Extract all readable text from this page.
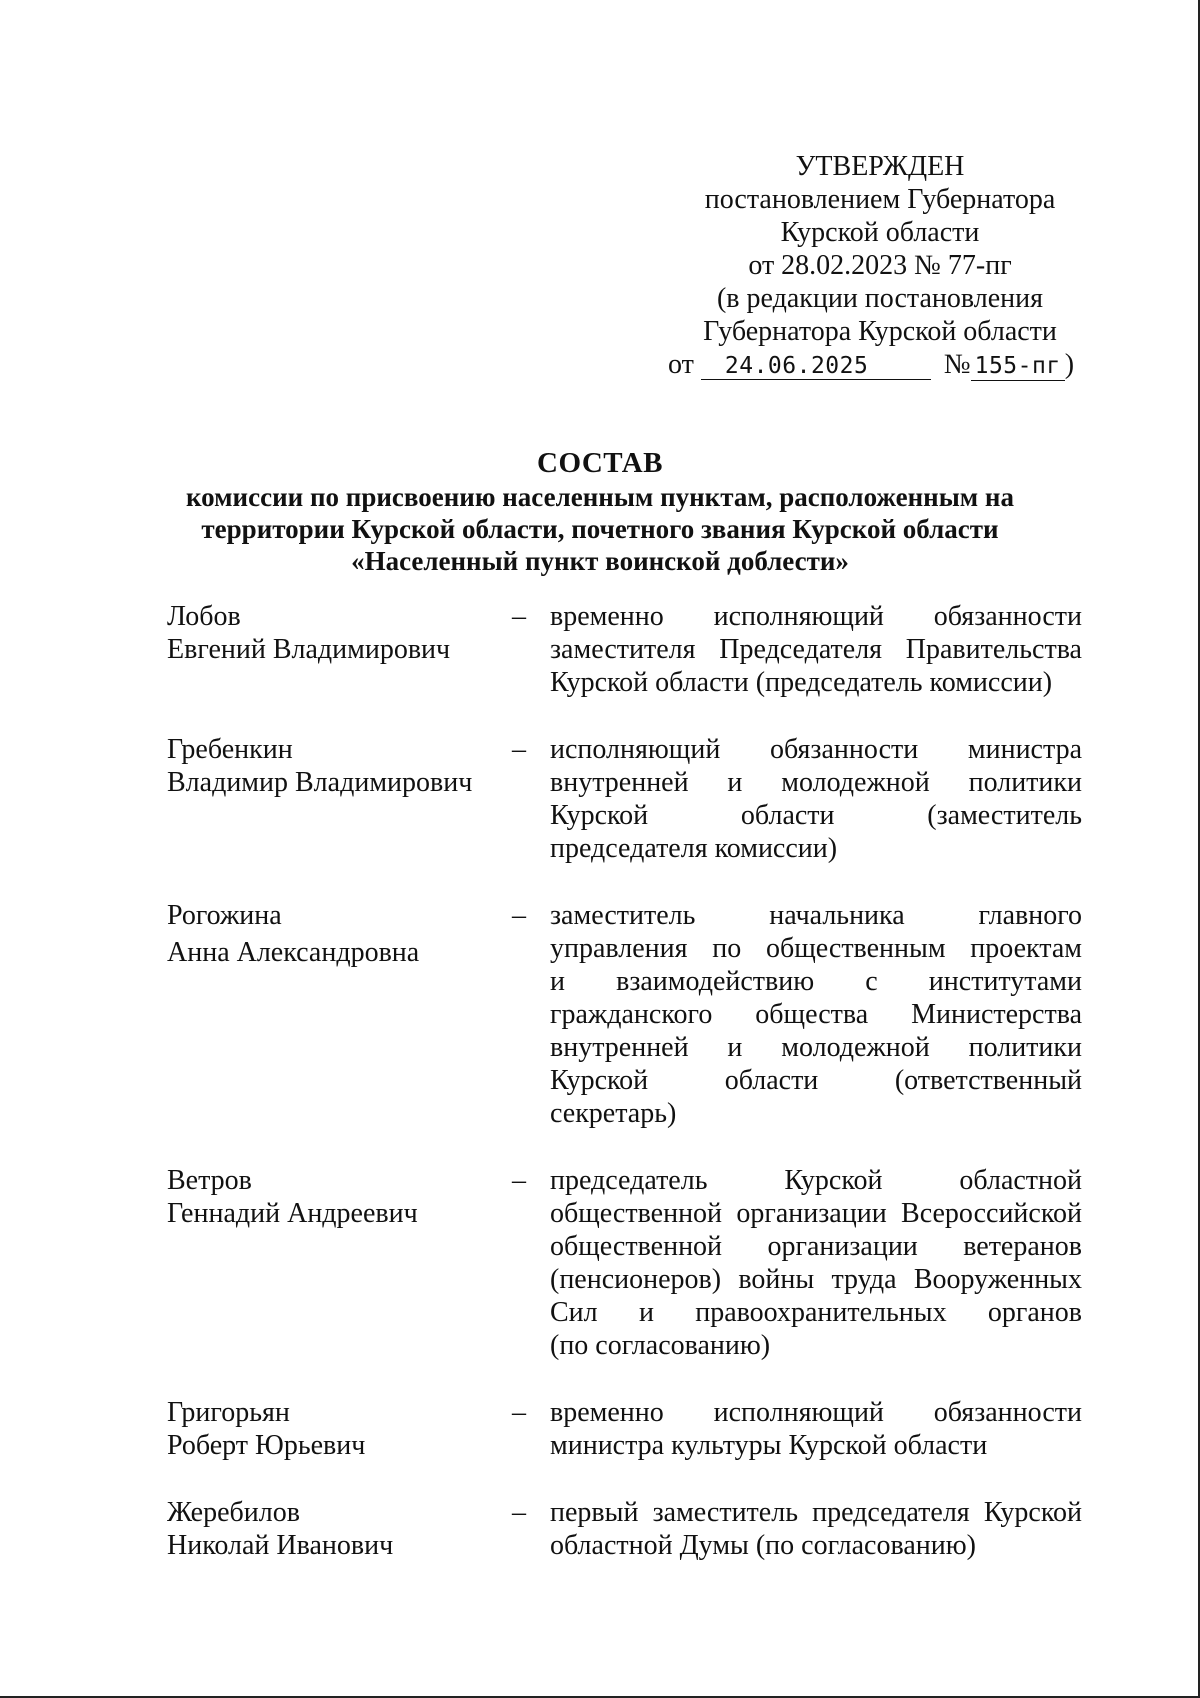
УТВЕРЖДЕН
постановлением Губернатора
Курской области
от 28.02.2023 № 77-пг
(в редакции постановления
Губернатора Курской области
от 24.06.2025	№ 155-пг )
СОСТАВ
комиссии по присвоению населенным пунктам, расположенным на
территории Курской области, почетного звания Курской области
«Населенный пункт воинской доблести»
Лобов
Евгений Владимирович
– временно исполняющий обязанности
заместителя Председателя Правительства
Курской области (председатель комиссии)
Гребенкин
Владимир Владимирович
– исполняющий обязанности министра
внутренней и молодежной политики
Курской области (заместитель
председателя комиссии)
Рогожина
Анна Александровна
– заместитель начальника главного
управления по общественным проектам
и взаимодействию с институтами
гражданского общества Министерства
внутренней и молодежной политики
Курской области (ответственный
секретарь)
Ветров
Геннадий Андреевич
– председатель Курской областной
общественной организации Всероссийской
общественной организации ветеранов
(пенсионеров) войны труда Вооруженных
Сил и правоохранительных органов
(по согласованию)
Григорьян
Роберт Юрьевич
– временно исполняющий обязанности
министра культуры Курской области
Жеребилов
Николай Иванович
– первый заместитель председателя Курской
областной Думы (по согласованию)
